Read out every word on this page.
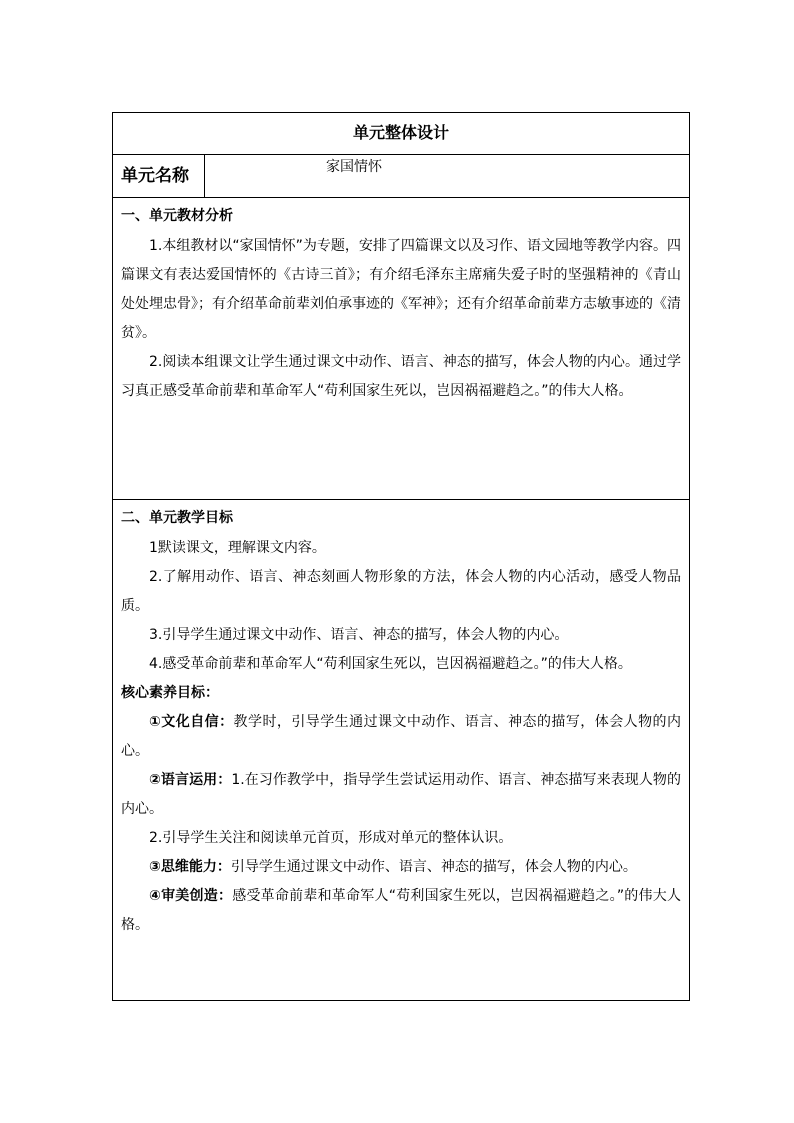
单元整体设计
单元名称	家国情怀
一、单元教材分析

1.本组教材以“家国情怀”为专题，安排了四篇课文以及习作、语文园地等教学内容。四篇课文有表达爱国情怀的《古诗三首》；有介绍毛泽东主席痛失爱子时的坚强精神的《青山处处埋忠骨》；有介绍革命前辈刘伯承事迹的《军神》；还有介绍革命前辈方志敏事迹的《清贫》。

2.阅读本组课文让学生通过课文中动作、语言、神态的描写，体会人物的内心。通过学习真正感受革命前辈和革命军人“苟利国家生死以，岂因祸福避趋之。”的伟大人格。

二、单元教学目标

1默读课文，理解课文内容。

2.了解用动作、语言、神态刻画人物形象的方法，体会人物的内心活动，感受人物品质。

3.引导学生通过课文中动作、语言、神态的描写，体会人物的内心。

4.感受革命前辈和革命军人“苟利国家生死以，岂因祸福避趋之。”的伟大人格。

核心素养目标：

①文化自信：教学时，引导学生通过课文中动作、语言、神态的描写，体会人物的内心。

②语言运用：1.在习作教学中，指导学生尝试运用动作、语言、神态描写来表现人物的内心。

2.引导学生关注和阅读单元首页，形成对单元的整体认识。

③思维能力：引导学生通过课文中动作、语言、神态的描写，体会人物的内心。

④审美创造：感受革命前辈和革命军人“苟利国家生死以，岂因祸福避趋之。”的伟大人格。
